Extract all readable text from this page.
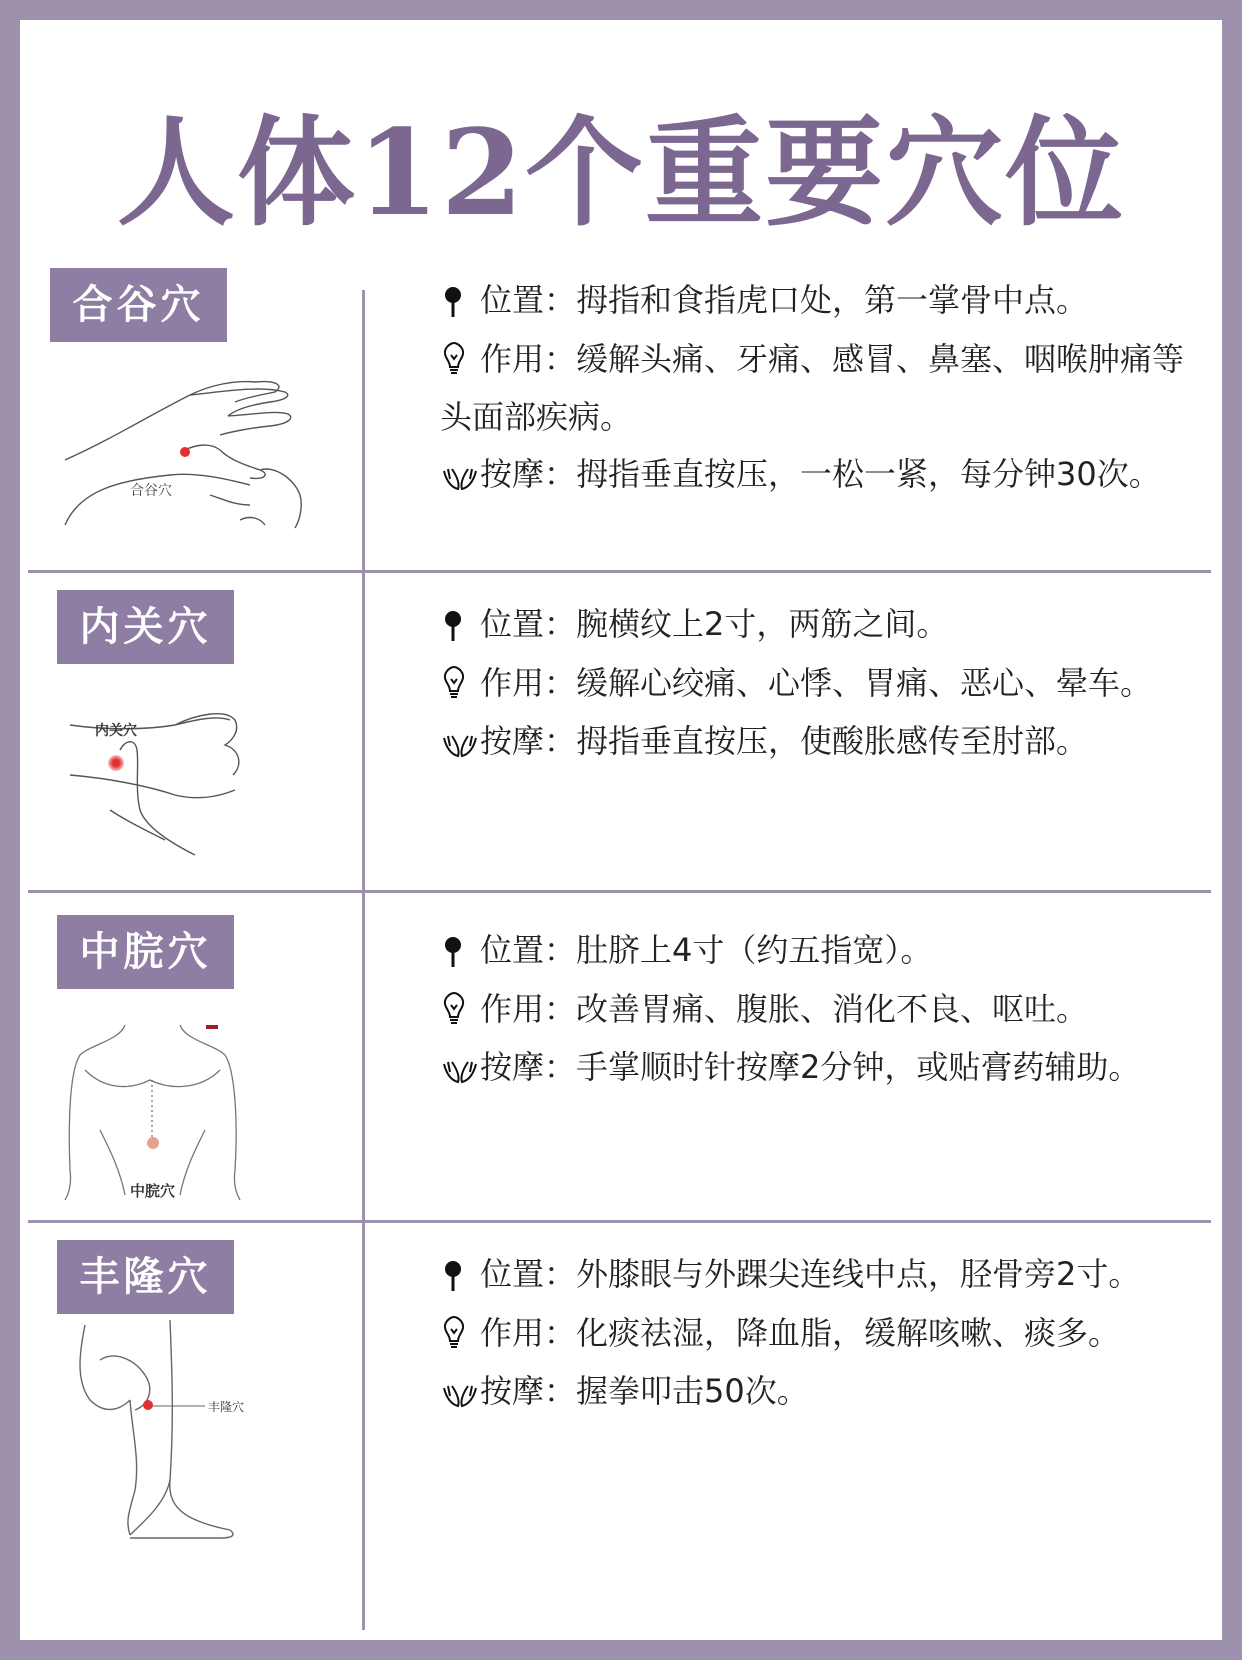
人体12个重要穴位
合谷穴
合谷穴
位置：拇指和食指虎口处，第一掌骨中点。
作用：缓解头痛、牙痛、感冒、鼻塞、咽喉肿痛等头面部疾病。
按摩：拇指垂直按压，一松一紧，每分钟30次。
内关穴
内关穴
位置：腕横纹上2寸，两筋之间。
作用：缓解心绞痛、心悸、胃痛、恶心、晕车。
按摩：拇指垂直按压，使酸胀感传至肘部。
中脘穴
中脘穴
位置：肚脐上4寸（约五指宽）。
作用：改善胃痛、腹胀、消化不良、呕吐。
按摩：手掌顺时针按摩2分钟，或贴膏药辅助。
丰隆穴
丰隆穴
位置：外膝眼与外踝尖连线中点，胫骨旁2寸。
作用：化痰祛湿，降血脂，缓解咳嗽、痰多。
按摩：握拳叩击50次。
